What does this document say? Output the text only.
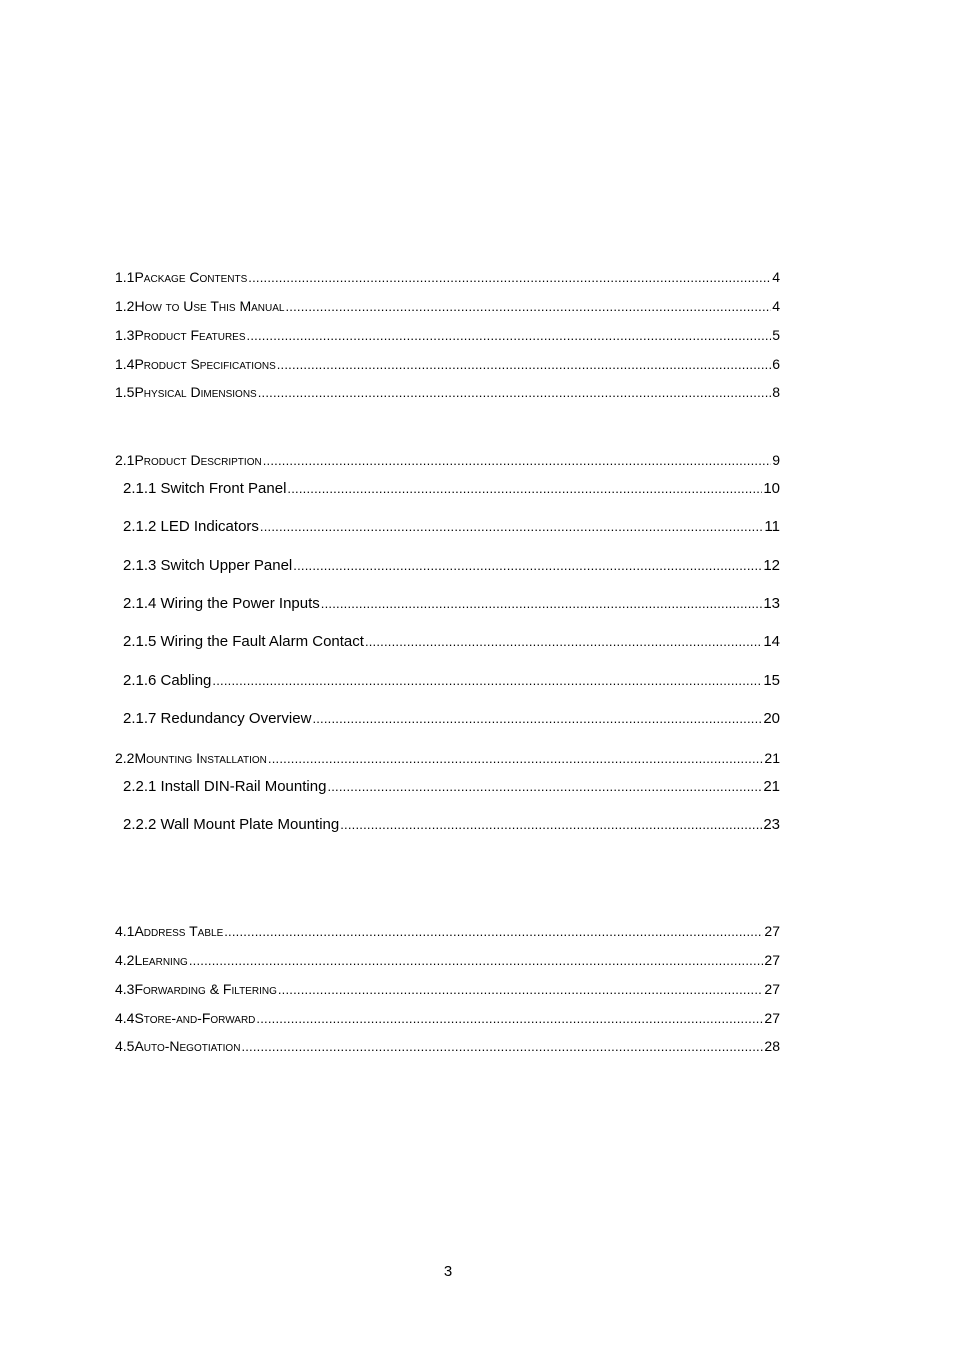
1.1 Package Contents .....	4
1.2 How to Use This Manual .....	4
1.3 Product Features .....	5
1.4 Product Specifications .....	6
1.5 Physical Dimensions .....	8
2.1 Product Description .....	9
2.1.1 Switch Front Panel .....	10
2.1.2 LED Indicators .....	11
2.1.3 Switch Upper Panel .....	12
2.1.4 Wiring the Power Inputs .....	13
2.1.5 Wiring the Fault Alarm Contact .....	14
2.1.6 Cabling .....	15
2.1.7 Redundancy Overview .....	20
2.2 Mounting Installation .....	21
2.2.1 Install DIN-Rail Mounting .....	21
2.2.2 Wall Mount Plate Mounting .....	23
4.1 Address Table .....	27
4.2 Learning .....	27
4.3 Forwarding & Filtering .....	27
4.4 Store-and-Forward .....	27
4.5 Auto-Negotiation .....	28
3
